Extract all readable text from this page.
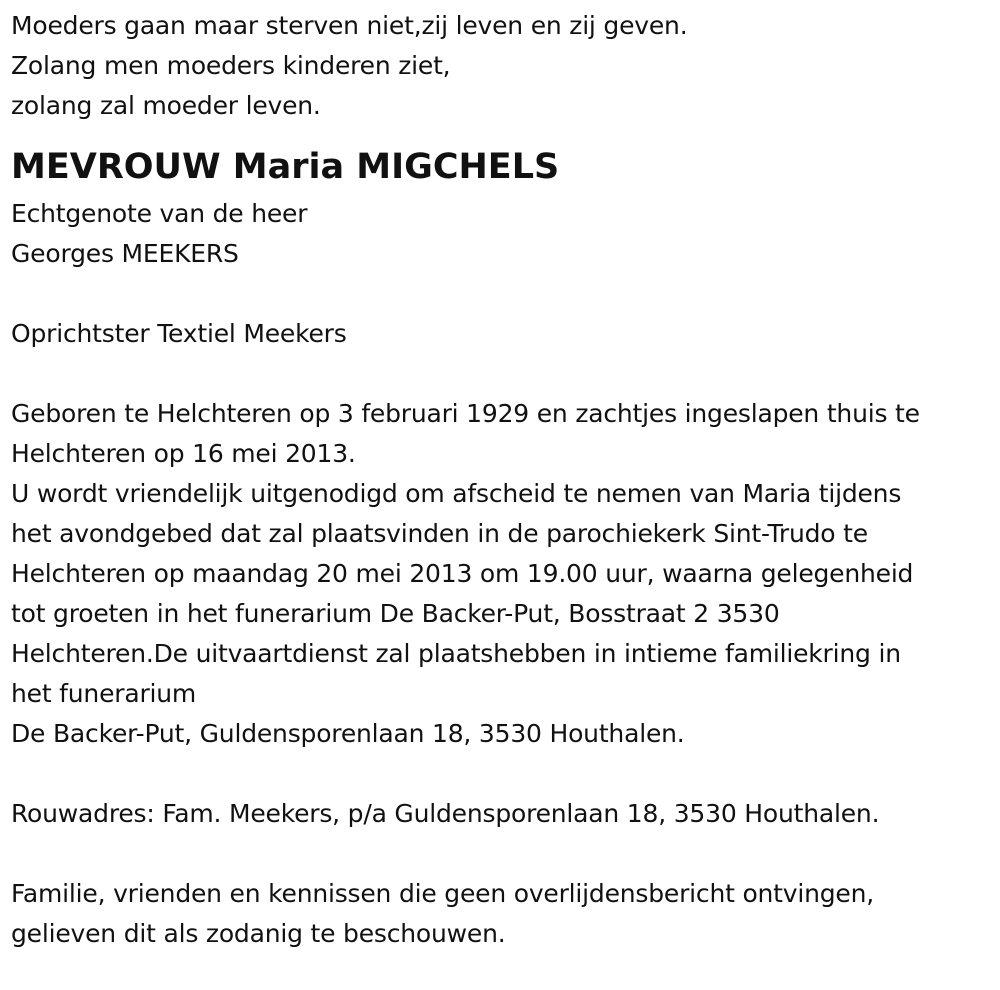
Moeders gaan maar sterven niet,zij leven en zij geven.
Zolang men moeders kinderen ziet,
zolang zal moeder leven.
MEVROUW Maria MIGCHELS
Echtgenote van de heer
Georges MEEKERS
Oprichtster Textiel Meekers
Geboren te Helchteren op 3 februari 1929 en zachtjes ingeslapen thuis te
Helchteren op 16 mei 2013.
U wordt vriendelijk uitgenodigd om afscheid te nemen van Maria tijdens
het avondgebed dat zal plaatsvinden in de parochiekerk Sint-Trudo te
Helchteren op maandag 20 mei 2013 om 19.00 uur, waarna gelegenheid
tot groeten in het funerarium De Backer-Put, Bosstraat 2 3530
Helchteren.De uitvaartdienst zal plaatshebben in intieme familiekring in
het funerarium
De Backer-Put, Guldensporenlaan 18, 3530 Houthalen.
Rouwadres: Fam. Meekers, p/a Guldensporenlaan 18, 3530 Houthalen.
Familie, vrienden en kennissen die geen overlijdensbericht ontvingen,
gelieven dit als zodanig te beschouwen.
